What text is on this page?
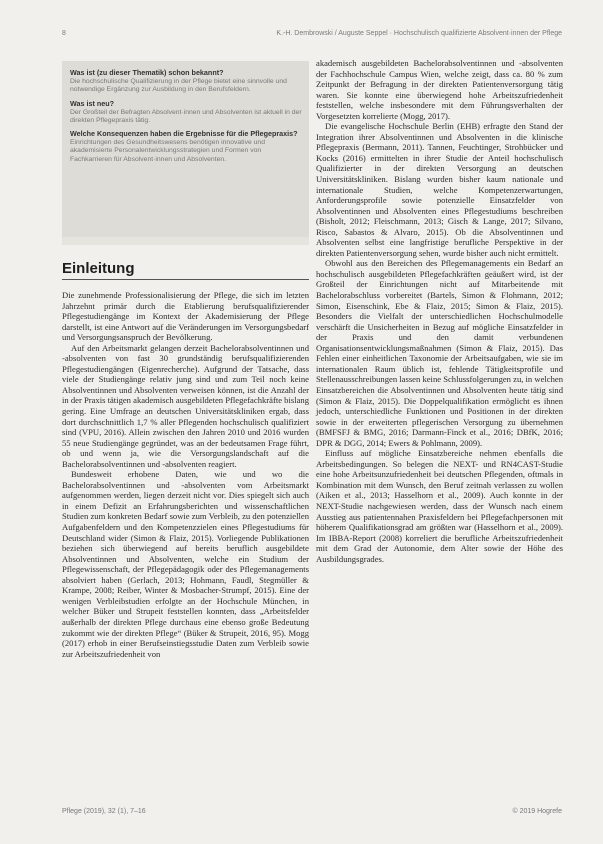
8	K.-H. Dembrowski / Auguste Seppel · Hochschulisch qualifizierte Absolvent·innen der Pflege

Was ist (zu dieser Thematik) schon bekannt?

Die hochschulische Qualifizierung in der Pflege bietet eine sinnvolle und notwendige Ergänzung zur Ausbildung in den Berufsfeldern.

Was ist neu?

Der Großteil der Befragten Absolvent·innen und Absolventen ist aktuell in der direkten Pflegepraxis tätig.

Welche Konsequenzen haben die Ergebnisse für die Pflegepraxis?

Einrichtungen des Gesundheitswesens benötigen innovative und akademisierte Personalentwicklungsstrategien und Formen von Fachkarrieren für Absolvent·innen und Absolventen.

Einleitung

Die zunehmende Professionalisierung der Pflege, die sich im letzten Jahrzehnt primär durch die Etablierung berufsqualifizierender Pflegestudiengänge im Kontext der Akademisierung der Pflege darstellt, ist eine Antwort auf die Veränderungen im Versorgungsbedarf und Versorgungsanspruch der Bevölkerung.

Auf den Arbeitsmarkt gelangen derzeit Bachelorabsolventinnen und -absolventen von fast 30 grundständig berufsqualifizierenden Pflegestudiengängen (Eigenrecherche). Aufgrund der Tatsache, dass viele der Studiengänge relativ jung sind und zum Teil noch keine Absolventinnen und Absolventen verweisen können, ist die Anzahl der in der Praxis tätigen akademisch ausgebildeten Pflegefachkräfte bislang gering. Eine Umfrage an deutschen Universitätskliniken ergab, dass dort durchschnittlich 1,7 % aller Pflegenden hochschulisch qualifiziert sind (VPU, 2016). Allein zwischen den Jahren 2010 und 2016 wurden 55 neue Studiengänge gegründet, was an der bedeutsamen Frage führt, ob und wenn ja, wie die Versorgungslandschaft auf die Bachelorabsolventinnen und -absolventen reagiert.

Bundesweit erhobene Daten, wie und wo die Bachelorabsolventinnen und -absolventen vom Arbeitsmarkt aufgenommen werden, liegen derzeit nicht vor. Dies spiegelt sich auch in einem Defizit an Erfahrungsberichten und wissenschaftlichen Studien zum konkreten Bedarf sowie zum Verbleib, zu den potenziellen Aufgabenfeldern und den Kompetenzzielen eines Pflegestudiums für Deutschland wider (Simon & Flaiz, 2015). Vorliegende Publikationen beziehen sich überwiegend auf bereits beruflich ausgebildete Absolventinnen und Absolventen, welche ein Studium der Pflegewissenschaft, der Pflegepädagogik oder des Pflegemanagements absolviert haben (Gerlach, 2013; Hohmann, Faudl, Stegmüller & Krampe, 2008; Reiber, Winter & Mosbacher-Strumpf, 2015). Eine der wenigen Verbleibstudien erfolgte an der Hochschule München, in welcher Büker und Strupeit feststellen konnten, dass „Arbeitsfelder außerhalb der direkten Pflege durchaus eine ebenso große Bedeutung zukommt wie der direkten Pflege“ (Büker & Strupeit, 2016, 95). Mogg (2017) erhob in einer Berufseinstiegsstudie Daten zum Verbleib sowie zur Arbeitszufriedenheit von

akademisch ausgebildeten Bachelorabsolventinnen und -absolventen der Fachhochschule Campus Wien, welche zeigt, dass ca. 80 % zum Zeitpunkt der Befragung in der direkten Patientenversorgung tätig waren. Sie konnte eine überwiegend hohe Arbeitszufriedenheit feststellen, welche insbesondere mit dem Führungsverhalten der Vorgesetzten korrelierte (Mogg, 2017).

Die evangelische Hochschule Berlin (EHB) erfragte den Stand der Integration ihrer Absolventinnen und Absolventen in die klinische Pflegepraxis (Bermann, 2011). Tannen, Feuchtinger, Strohbücker und Kocks (2016) ermittelten in ihrer Studie der Anteil hochschulisch Qualifizierter in der direkten Versorgung an deutschen Universitätskliniken. Bislang wurden bisher kaum nationale und internationale Studien, welche Kompetenzerwartungen, Anforderungsprofile sowie potenzielle Einsatzfelder von Absolventinnen und Absolventen eines Pflegestudiums beschreiben (Bisholt, 2012; Fleischmann, 2013; Gisch & Lange, 2017; Silvano, Risco, Sabastos & Alvaro, 2015). Ob die Absolventinnen und Absolventen selbst eine langfristige berufliche Perspektive in der direkten Patientenversorgung sehen, wurde bisher auch nicht ermittelt.

Obwohl aus den Bereichen des Pflegemanagements ein Bedarf an hochschulisch ausgebildeten Pflegefachkräften geäußert wird, ist der Großteil der Einrichtungen nicht auf Mitarbeitende mit Bachelorabschluss vorbereitet (Bartels, Simon & Flohmann, 2012; Simon, Eisenschink, Ebe & Flaiz, 2015; Simon & Flaiz, 2015). Besonders die Vielfalt der unterschiedlichen Hochschulmodelle verschärft die Unsicherheiten in Bezug auf mögliche Einsatzfelder in der Praxis und den damit verbundenen Organisationsentwicklungsmaßnahmen (Simon & Flaiz, 2015). Das Fehlen einer einheitlichen Taxonomie der Arbeitsaufgaben, wie sie im internationalen Raum üblich ist, fehlende Tätigkeitsprofile und Stellenausschreibungen lassen keine Schlussfolgerungen zu, in welchen Einsatzbereichen die Absolventinnen und Absolventen heute tätig sind (Simon & Flaiz, 2015). Die Doppelqualifikation ermöglicht es ihnen jedoch, unterschiedliche Funktionen und Positionen in der direkten sowie in der erweiterten pflegerischen Versorgung zu übernehmen (BMFSFJ & BMG, 2016; Darmann-Finck et al., 2016; DBfK, 2016; DPR & DGG, 2014; Ewers & Pohlmann, 2009).

Einfluss auf mögliche Einsatzbereiche nehmen ebenfalls die Arbeitsbedingungen. So belegen die NEXT- und RN4CAST-Studie eine hohe Arbeitsunzufriedenheit bei deutschen Pflegenden, oftmals in Kombination mit dem Wunsch, den Beruf zeitnah verlassen zu wollen (Aiken et al., 2013; Hasselhorn et al., 2009). Auch konnte in der NEXT-Studie nachgewiesen werden, dass der Wunsch nach einem Ausstieg aus patientennahen Praxisfeldern bei Pflegefachpersonen mit höherem Qualifikationsgrad am größten war (Hasselhorn et al., 2009). Im IBBA-Report (2008) korreliert die berufliche Arbeitszufriedenheit mit dem Grad der Autonomie, dem Alter sowie der Höhe des Ausbildungsgrades.

Pflege (2019), 32 (1), 7–16	© 2019 Hogrefe
